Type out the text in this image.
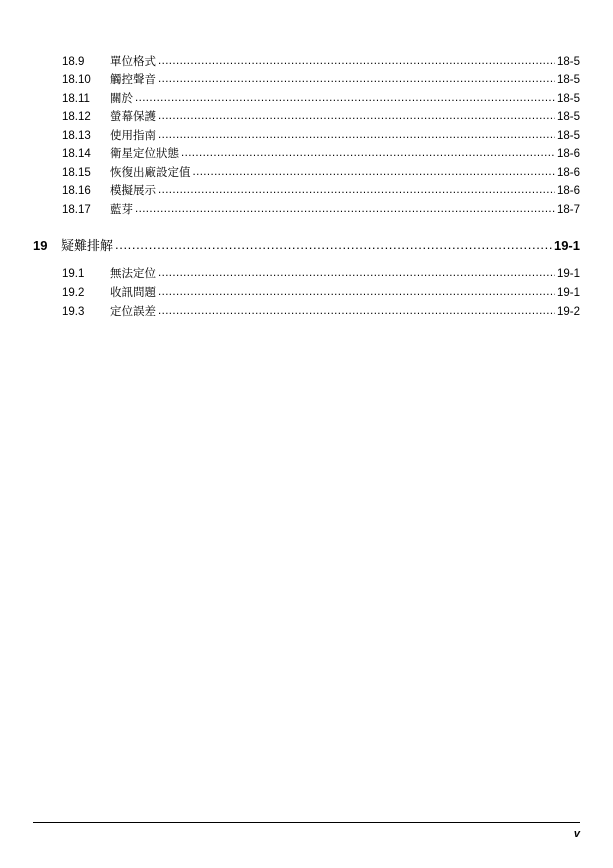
18.9	單位格式 .....	18-5
18.10	觸控聲音 .....	18-5
18.11	關於 .....	18-5
18.12	螢幕保護 .....	18-5
18.13	使用指南 .....	18-5
18.14	衛星定位狀態 .....	18-6
18.15	恢復出廠設定值 .....	18-6
18.16	模擬展示 .....	18-6
18.17	藍芽 .....	18-7
19	疑難排解 .....	19-1
19.1	無法定位 .....	19-1
19.2	收訊問題 .....	19-1
19.3	定位誤差 .....	19-2
v
